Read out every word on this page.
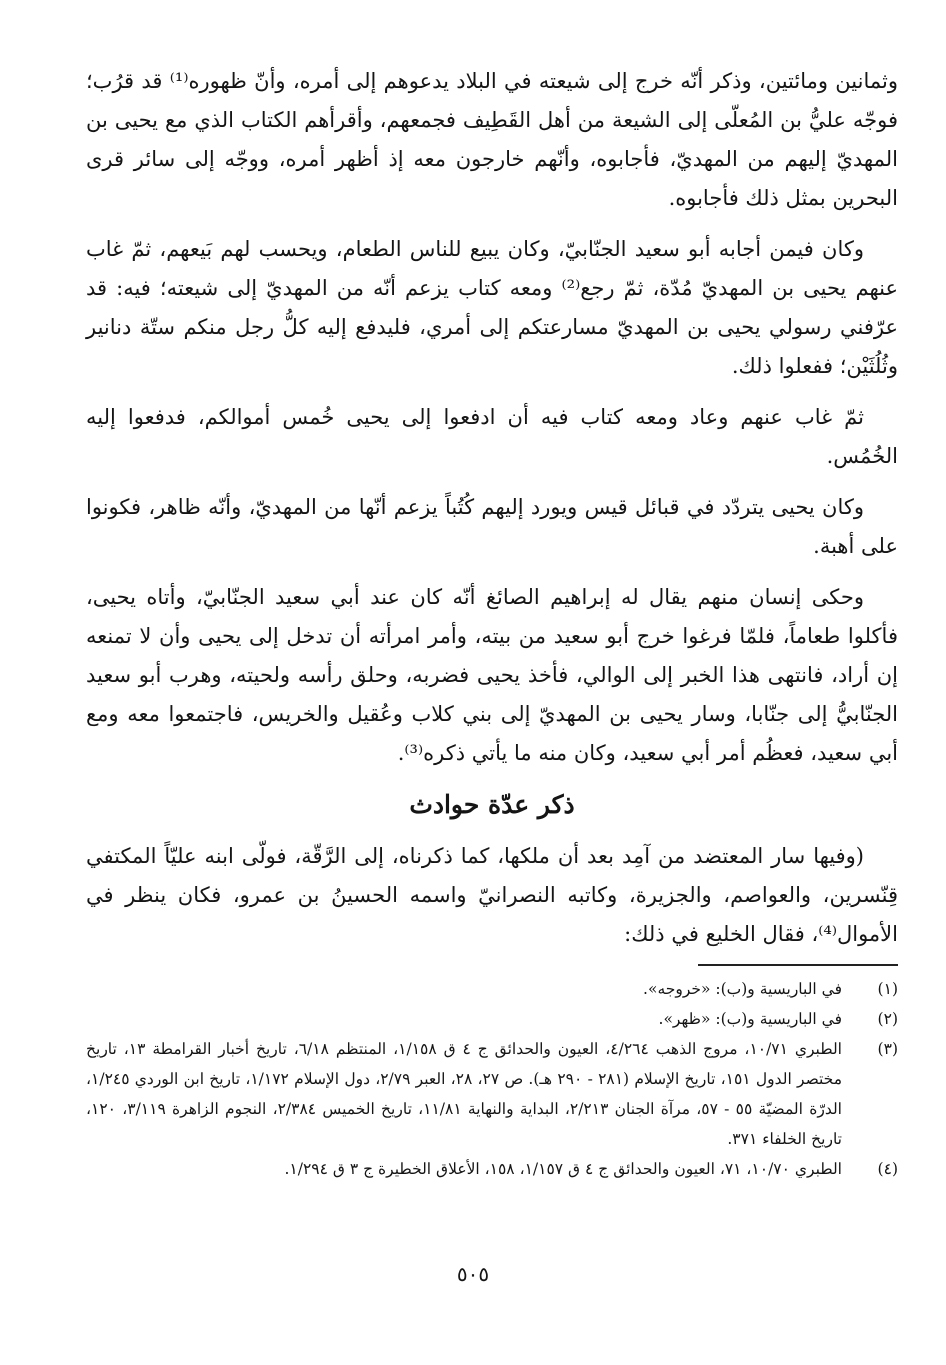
وثمانين ومائتين، وذكر أنّه خرج إلى شيعته في البلاد يدعوهم إلى أمره، وأنّ ظهوره⁽¹⁾ قد قرُب؛ فوجّه عليُّ بن المُعلّى إلى الشيعة من أهل القَطِيف فجمعهم، وأقرأهم الكتاب الذي مع يحيى بن المهديّ إليهم من المهديّ، فأجابوه، وأنّهم خارجون معه إذ أظهر أمره، ووجّه إلى سائر قرى البحرين بمثل ذلك فأجابوه.

وكان فيمن أجابه أبو سعيد الجنّابيّ، وكان يبيع للناس الطعام، ويحسب لهم بَيعهم، ثمّ غاب عنهم يحيى بن المهديّ مُدّة، ثمّ رجع⁽²⁾ ومعه كتاب يزعم أنّه من المهديّ إلى شيعته؛ فيه: قد عرّفني رسولي يحيى بن المهديّ مسارعتكم إلى أمري، فليدفع إليه كلُّ رجل منكم ستّة دنانير وثُلُثَيْن؛ ففعلوا ذلك.

ثمّ غاب عنهم وعاد ومعه كتاب فيه أن ادفعوا إلى يحيى خُمس أموالكم، فدفعوا إليه الخُمُس.

وكان يحيى يتردّد في قبائل قيس ويورد إليهم كُتُباً يزعم أنّها من المهديّ، وأنّه ظاهر، فكونوا على أهبة.

وحكى إنسان منهم يقال له إبراهيم الصائغ أنّه كان عند أبي سعيد الجنّابيّ، وأتاه يحيى، فأكلوا طعاماً، فلمّا فرغوا خرج أبو سعيد من بيته، وأمر امرأته أن تدخل إلى يحيى وأن لا تمنعه إن أراد، فانتهى هذا الخبر إلى الوالي، فأخذ يحيى فضربه، وحلق رأسه ولحيته، وهرب أبو سعيد الجنّابيُّ إلى جنّابا، وسار يحيى بن المهديّ إلى بني كلاب وعُقيل والخريس، فاجتمعوا معه ومع أبي سعيد، فعظُم أمر أبي سعيد، وكان منه ما يأتي ذكره⁽³⁾.

ذكر عدّة حوادث

(وفيها سار المعتضد من آمِد بعد أن ملكها، كما ذكرناه، إلى الرَّقّة، فولّى ابنه عليّاً المكتفي قِنّسرين، والعواصم، والجزيرة، وكاتبه النصرانيّ واسمه الحسينُ بن عمرو، فكان ينظر في الأموال⁽⁴⁾، فقال الخليع في ذلك:

(١)
في الباريسية و(ب): «خروجه».
(٢)
في الباريسية و(ب): «ظهر».
(٣)
الطبري ١٠/٧١، مروج الذهب ٤/٢٦٤، العيون والحدائق ج ٤ ق ١/١٥٨، المنتظم ٦/١٨، تاريخ أخبار القرامطة ١٣، تاريخ مختصر الدول ١٥١، تاريخ الإسلام (٢٨١ - ٢٩٠ هـ). ص ٢٧، ٢٨، العبر ٢/٧٩، دول الإسلام ١/١٧٢، تاريخ ابن الوردي ١/٢٤٥، الدرّة المضيّة ٥٥ - ٥٧، مرآة الجنان ٢/٢١٣، البداية والنهاية ١١/٨١، تاريخ الخميس ٢/٣٨٤، النجوم الزاهرة ٣/١١٩، ١٢٠، تاريخ الخلفاء ٣٧١.
(٤)
الطبري ١٠/٧٠، ٧١، العيون والحدائق ج ٤ ق ١/١٥٧، ١٥٨، الأعلاق الخطيرة ج ٣ ق ١/٢٩٤.
٥٠٥
